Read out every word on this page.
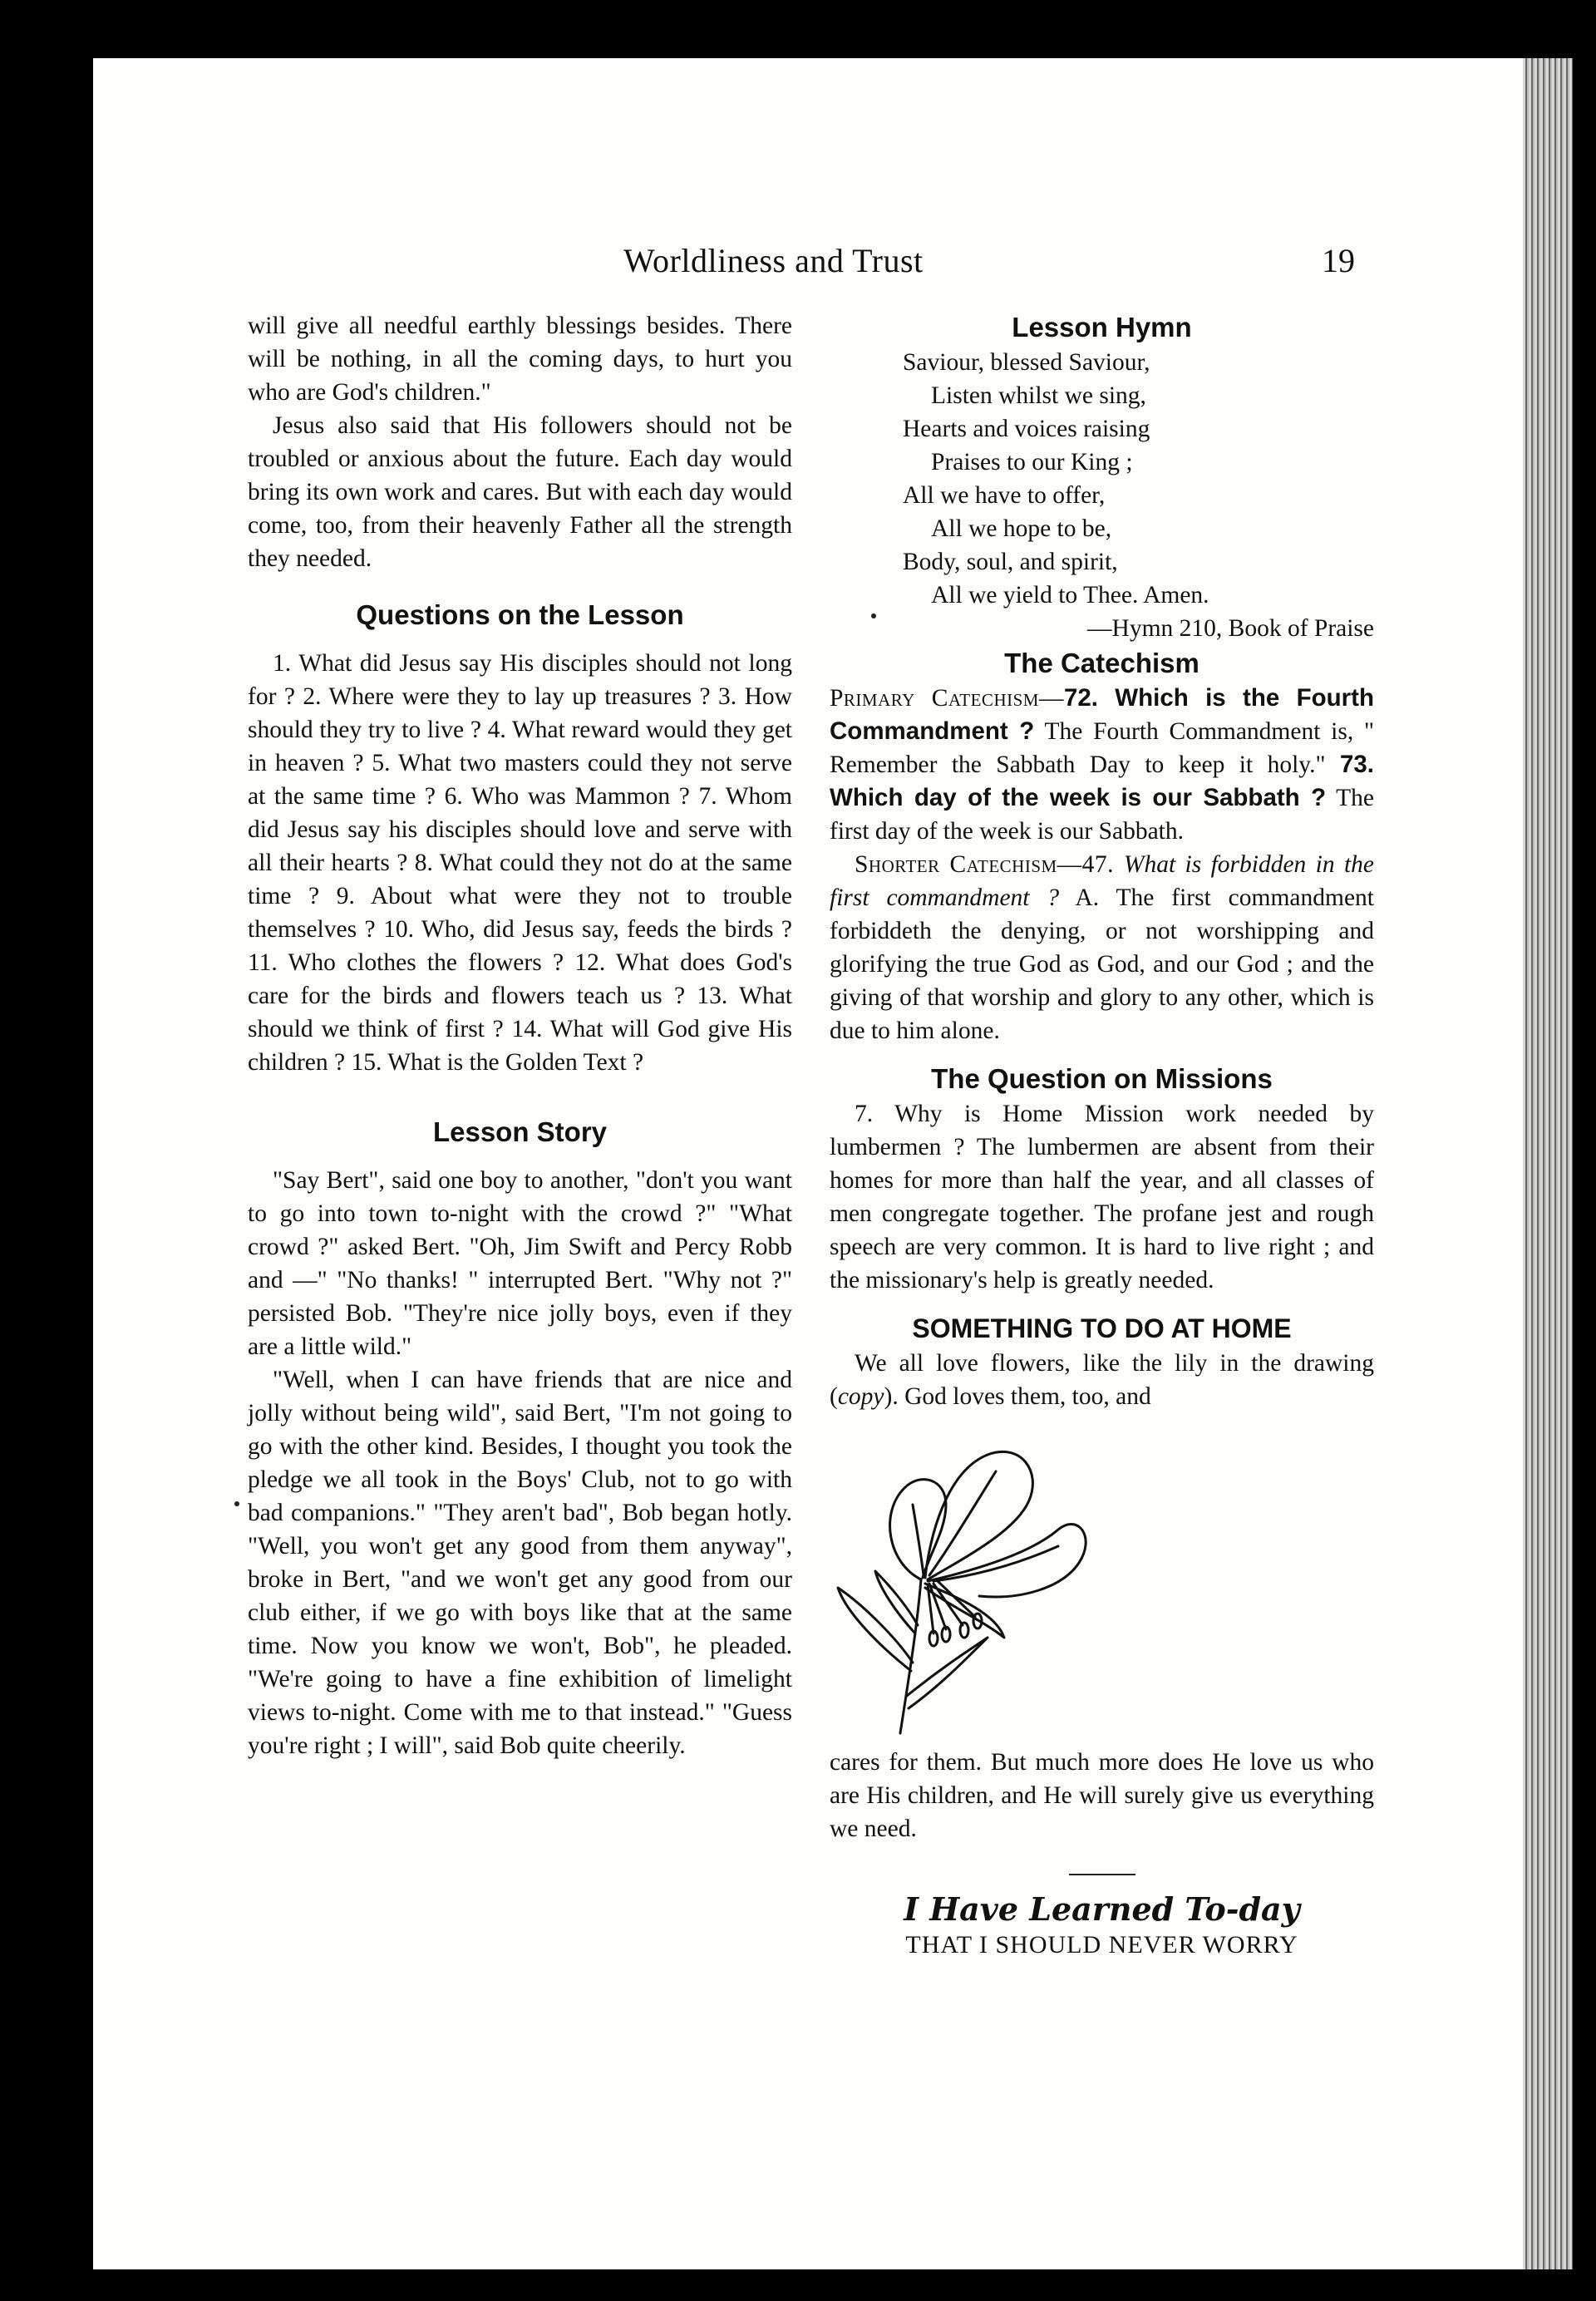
Worldliness and Trust	19

will give all needful earthly blessings besides. There will be nothing, in all the coming days, to hurt you who are God's children."

Jesus also said that His followers should not be troubled or anxious about the future. Each day would bring its own work and cares. But with each day would come, too, from their heavenly Father all the strength they needed.

Questions on the Lesson

1. What did Jesus say His disciples should not long for ? 2. Where were they to lay up treasures ? 3. How should they try to live ? 4. What reward would they get in heaven ? 5. What two masters could they not serve at the same time ? 6. Who was Mammon ? 7. Whom did Jesus say his disciples should love and serve with all their hearts ? 8. What could they not do at the same time ? 9. About what were they not to trouble themselves ? 10. Who, did Jesus say, feeds the birds ? 11. Who clothes the flowers ? 12. What does God's care for the birds and flowers teach us ? 13. What should we think of first ? 14. What will God give His children ? 15. What is the Golden Text ?

Lesson Story

"Say Bert", said one boy to another, "don't you want to go into town to-night with the crowd ?" "What crowd ?" asked Bert. "Oh, Jim Swift and Percy Robb and —" "No thanks! " interrupted Bert. "Why not ?" persisted Bob. "They're nice jolly boys, even if they are a little wild."

"Well, when I can have friends that are nice and jolly without being wild", said Bert, "I'm not going to go with the other kind. Besides, I thought you took the pledge we all took in the Boys' Club, not to go with bad companions." "They aren't bad", Bob began hotly. "Well, you won't get any good from them anyway", broke in Bert, "and we won't get any good from our club either, if we go with boys like that at the same time. Now you know we won't, Bob", he pleaded. "We're going to have a fine exhibition of limelight views to-night. Come with me to that instead." "Guess you're right ; I will", said Bob quite cheerily.

Lesson Hymn
Saviour, blessed Saviour,
Listen whilst we sing,
Hearts and voices raising
Praises to our King ;
All we have to offer,
All we hope to be,
Body, soul, and spirit,
All we yield to Thee. Amen.
—Hymn 210, Book of Praise
The Catechism

Primary Catechism—72. Which is the Fourth Commandment ? The Fourth Commandment is, " Remember the Sabbath Day to keep it holy." 73. Which day of the week is our Sabbath ? The first day of the week is our Sabbath.

Shorter Catechism—47. What is forbidden in the first commandment ? A. The first commandment forbiddeth the denying, or not worshipping and glorifying the true God as God, and our God ; and the giving of that worship and glory to any other, which is due to him alone.

The Question on Missions

7. Why is Home Mission work needed by lumbermen ? The lumbermen are absent from their homes for more than half the year, and all classes of men congregate together. The profane jest and rough speech are very common. It is hard to live right ; and the missionary's help is greatly needed.

SOMETHING TO DO AT HOME

We all love flowers, like the lily in the drawing (copy). God loves them, too, and

cares for them. But much more does He love us who are His children, and He will surely give us everything we need.

I Have Learned To-day
THAT I SHOULD NEVER WORRY
